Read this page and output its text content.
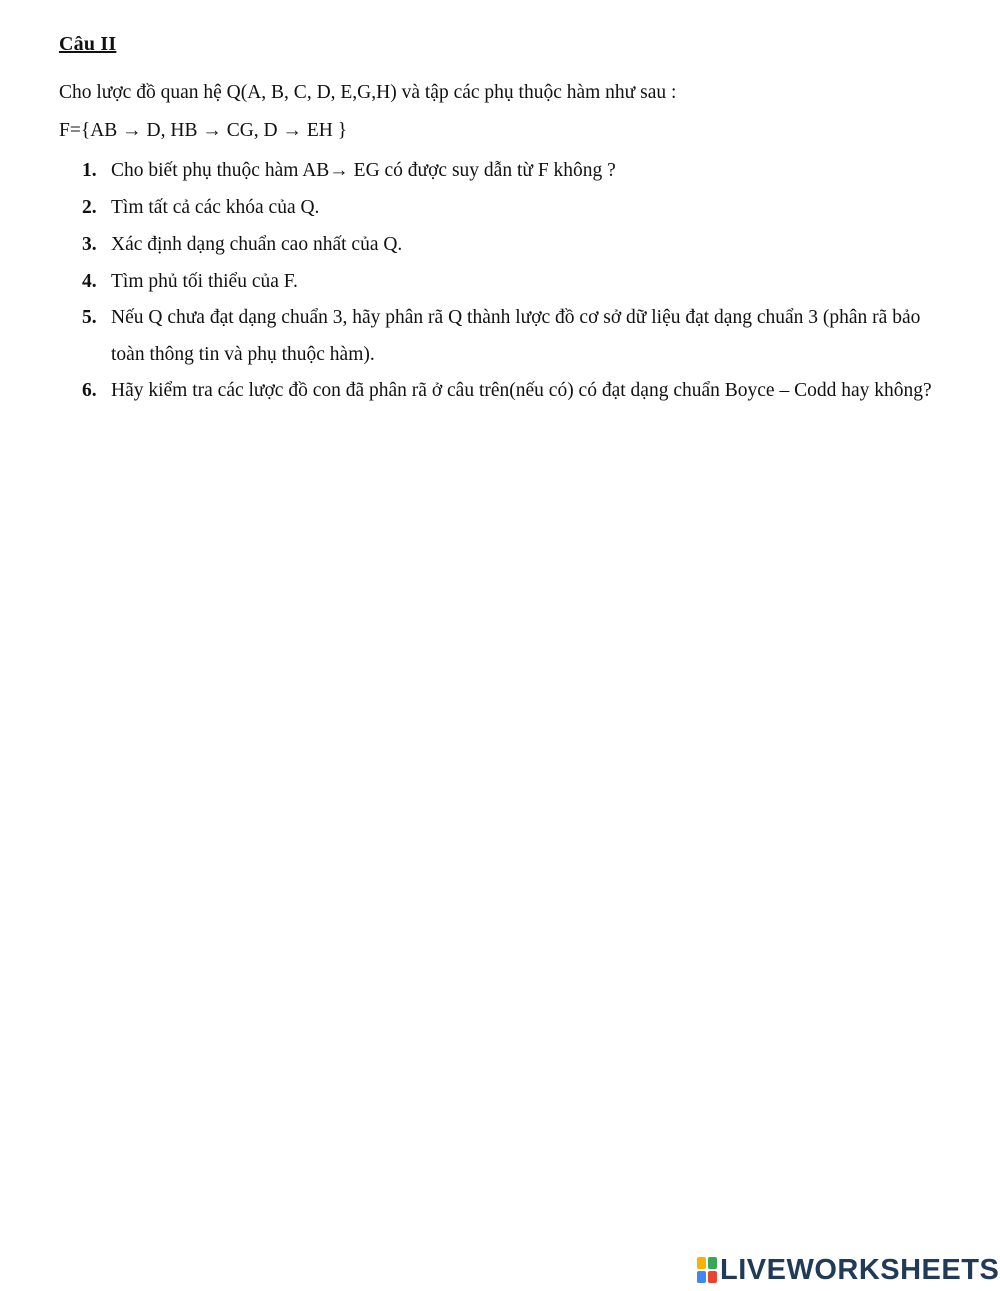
Câu II
Cho lược đồ quan hệ Q(A, B, C, D, E,G,H) và tập các phụ thuộc hàm như sau :
F={AB → D, HB → CG, D → EH }
1. Cho biết phụ thuộc hàm AB→ EG có được suy dẫn từ F không ?
2. Tìm tất cả các khóa của Q.
3. Xác định dạng chuẩn cao nhất của Q.
4. Tìm phủ tối thiểu của F.
5. Nếu Q chưa đạt dạng chuẩn 3, hãy phân rã Q thành lược đồ cơ sở dữ liệu đạt dạng chuẩn 3 (phân rã bảo toàn thông tin và phụ thuộc hàm).
6. Hãy kiểm tra các lược đồ con đã phân rã ở câu trên(nếu có) có đạt dạng chuẩn Boyce – Codd hay không?
LIVEWORKSHEETS
